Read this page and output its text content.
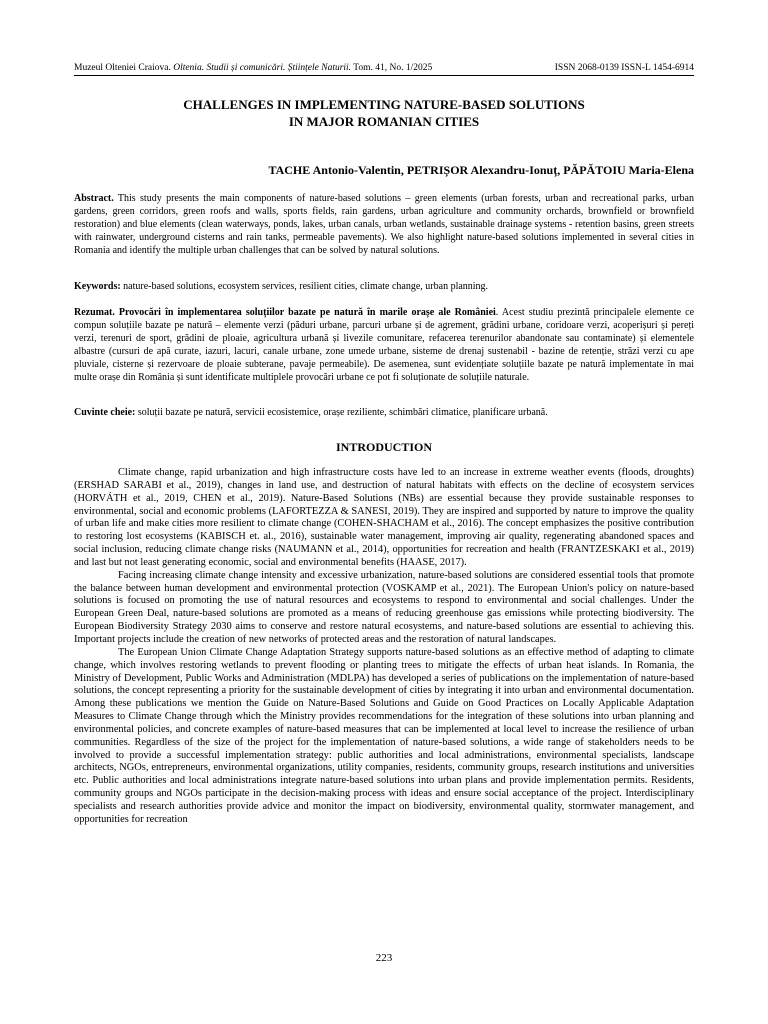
Muzeul Olteniei Craiova. Oltenia. Studii și comunicări. Științele Naturii. Tom. 41, No. 1/2025	ISSN 2068-0139 ISSN-L 1454-6914
CHALLENGES IN IMPLEMENTING NATURE-BASED SOLUTIONS
IN MAJOR ROMANIAN CITIES
TACHE Antonio-Valentin, PETRIȘOR Alexandru-Ionuț, PĂPĂTOIU Maria-Elena
Abstract. This study presents the main components of nature-based solutions – green elements (urban forests, urban and recreational parks, urban gardens, green corridors, green roofs and walls, sports fields, rain gardens, urban agriculture and community orchards, brownfield or brownfield restoration) and blue elements (clean waterways, ponds, lakes, urban canals, urban wetlands, sustainable drainage systems - retention basins, green streets with rainwater, underground cisterns and rain tanks, permeable pavements). We also highlight nature-based solutions implemented in several cities in Romania and identify the multiple urban challenges that can be solved by natural solutions.
Keywords: nature-based solutions, ecosystem services, resilient cities, climate change, urban planning.
Rezumat. Provocări în implementarea soluțiilor bazate pe natură în marile orașe ale României. Acest studiu prezintă principalele elemente ce compun soluțiile bazate pe natură – elemente verzi (păduri urbane, parcuri urbane și de agrement, grădini urbane, coridoare verzi, acoperișuri și pereți verzi, terenuri de sport, grădini de ploaie, agricultura urbană și livezile comunitare, refacerea terenurilor abandonate sau contaminate) și elementele albastre (cursuri de apă curate, iazuri, lacuri, canale urbane, zone umede urbane, sisteme de drenaj sustenabil - bazine de retenție, străzi verzi cu ape pluviale, cisterne și rezervoare de ploaie subterane, pavaje permeabile). De asemenea, sunt evidențiate soluțiile bazate pe natură implementate în mai multe orașe din România și sunt identificate multiplele provocări urbane ce pot fi soluționate de soluțiile naturale.
Cuvinte cheie: soluții bazate pe natură, servicii ecosistemice, orașe reziliente, schimbări climatice, planificare urbană.
INTRODUCTION

Climate change, rapid urbanization and high infrastructure costs have led to an increase in extreme weather events (floods, droughts) (ERSHAD SARABI et al., 2019), changes in land use, and destruction of natural habitats with effects on the decline of ecosystem services (HORVÁTH et al., 2019, CHEN et al., 2019). Nature-Based Solutions (NBs) are essential because they provide sustainable responses to environmental, social and economic problems (LAFORTEZZA & SANESI, 2019). They are inspired and supported by nature to improve the quality of urban life and make cities more resilient to climate change (COHEN-SHACHAM et al., 2016). The concept emphasizes the positive contribution to restoring lost ecosystems (KABISCH et. al., 2016), sustainable water management, improving air quality, regenerating abandoned spaces and social inclusion, reducing climate change risks (NAUMANN et al., 2014), opportunities for recreation and health (FRANTZESKAKI et al., 2019) and last but not least generating economic, social and environmental benefits (HAASE, 2017).

Facing increasing climate change intensity and excessive urbanization, nature-based solutions are considered essential tools that promote the balance between human development and environmental protection (VOSKAMP et al., 2021). The European Union's policy on nature-based solutions is focused on promoting the use of natural resources and ecosystems to respond to environmental and social challenges. Under the European Green Deal, nature-based solutions are promoted as a means of reducing greenhouse gas emissions while protecting biodiversity. The European Biodiversity Strategy 2030 aims to conserve and restore natural ecosystems, and nature-based solutions are essential to achieving this. Important projects include the creation of new networks of protected areas and the restoration of natural landscapes.

The European Union Climate Change Adaptation Strategy supports nature-based solutions as an effective method of adapting to climate change, which involves restoring wetlands to prevent flooding or planting trees to mitigate the effects of urban heat islands. In Romania, the Ministry of Development, Public Works and Administration (MDLPA) has developed a series of publications on the implementation of nature-based solutions, the concept representing a priority for the sustainable development of cities by integrating it into urban and environmental documentation. Among these publications we mention the Guide on Nature-Based Solutions and Guide on Good Practices on Locally Applicable Adaptation Measures to Climate Change through which the Ministry provides recommendations for the integration of these solutions into urban planning and environmental policies, and concrete examples of nature-based measures that can be implemented at local level to increase the resilience of urban communities. Regardless of the size of the project for the implementation of nature-based solutions, a wide range of stakeholders needs to be involved to provide a successful implementation strategy: public authorities and local administrations, environmental specialists, landscape architects, NGOs, entrepreneurs, environmental organizations, utility companies, residents, community groups, research institutions and universities etc. Public authorities and local administrations integrate nature-based solutions into urban plans and provide implementation permits. Residents, community groups and NGOs participate in the decision-making process with ideas and ensure social acceptance of the project. Interdisciplinary specialists and research authorities provide advice and monitor the impact on biodiversity, environmental quality, stormwater management, and opportunities for recreation

223
